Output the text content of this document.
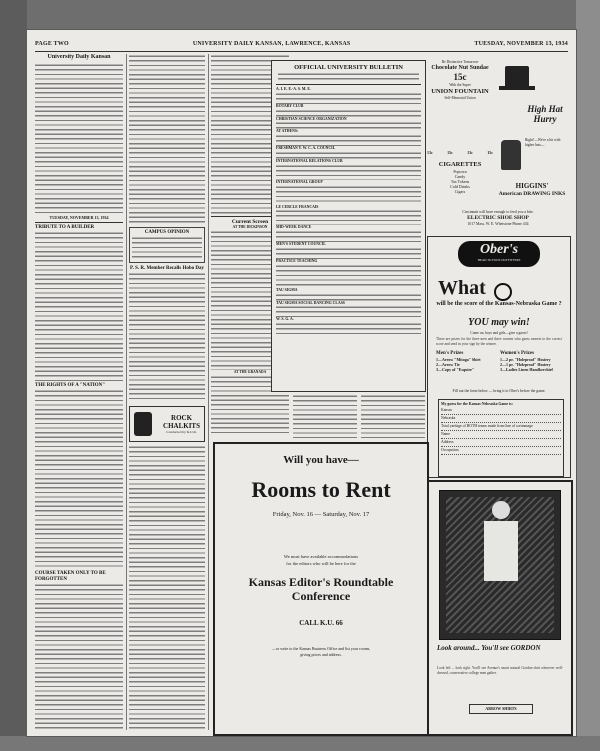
PAGE TWO	UNIVERSITY DAILY KANSAN, LAWRENCE, KANSAS	TUESDAY, NOVEMBER 13, 1934
University Daily Kansan
TUESDAY, NOVEMBER 13, 1934
TRIBUTE TO A BUILDER
THE RIGHTS OF A "NATION"
COURSE TAKEN ONLY TO BE FORGOTTEN
CAMPUS OPINION
P. S. R. Member Recalls Hobo Day
ROCK
CHALKITS
Conducted by K.U.R.
Current Screen
AT THE DICKINSON
AT THE GRANADA
OFFICIAL UNIVERSITY BULLETIN
A. I. E. E.-A. S. M. E.
ROTARY CLUB
CHRISTIAN SCIENCE ORGANIZATION
AT ATHENS:
FRESHMAN Y. W. C. A. COUNCIL
INTERNATIONAL RELATIONS CLUB
INTERNATIONAL GROUP
LE CERCLE FRANCAIS
MID-WEEK DANCE
MEN'S STUDENT COUNCIL
PRACTICE TEACHING
TAU SIGMA
TAU SIGMA SOCIAL DANCING CLASS
W. S. G. A.
Be Distinctive Tomorrow
Chocolate Nut Sundae
15c
With the Super
UNION FOUNTAIN
Self-Memorial Union
High Hat Hurry
Right!—We're a hit with higher hats—
HIGGINS'
American DRAWING INKS
13c	15c	13c	15c
CIGARETTES
Popcorn
Candy
Tax Tokens
Cold Drinks
Cigars
Cincinnati will have enough to feed you a bite.
ELECTRIC SHOE SHOP
1017 Mass. W. E. Whetstone Phone 434
Ober's
HEAD TO FOOT OUTFITTERS
What
will be the score of the Kansas-Nebraska Game ?
YOU may win!
Come on, boys and girls—give a guess!
These are prizes for the three men and three women who guess nearest to the correct score and send in your sign by the winner.
Men's Prizes
1—Arrow "Mitoga" Shirt
2—Arrow Tie
3—Copy of "Esquire"
Women's Prizes
1—2 pr. "Holeproof" Hosiery
2—1 pr. "Holeproof" Hosiery
3—Ladies Linen Handkerchief
Fill out the form below — bring it to Ober's before the game.
My guess for the Kansas-Nebraska Game is:
Kansas
Nebraska
Total yardage of BOTH teams made from line of scrimmage
Name
Address
Occupation
Will you have—
Rooms to Rent
Friday, Nov. 16 — Saturday, Nov. 17
We must have available accommodations
for the editors who will be here for the
Kansas Editor's Roundtable Conference
CALL K.U. 66
—or write to the Kansas Business Office and list your rooms,
giving prices and address.
Look around... You'll see GORDON
Look left ... look right. You'll see Avenue's smart natural Gordon shirt wherever well-dressed, conservative college men gather.
ARROW SHIRTS
